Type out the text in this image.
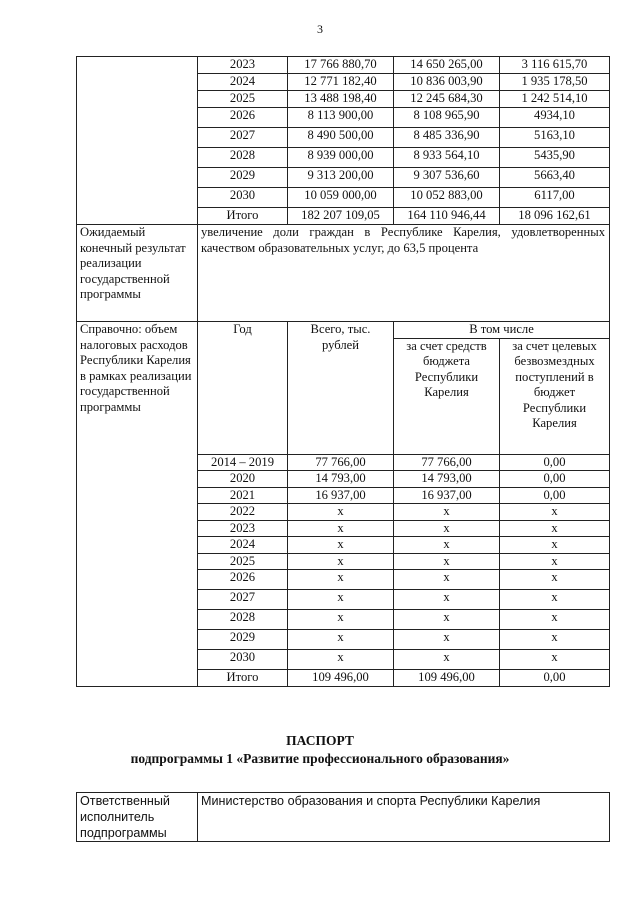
3
	2023	17 766 880,70	14 650 265,00	3 116 615,70
	2024	12 771 182,40	10 836 003,90	1 935 178,50
	2025	13 488 198,40	12 245 684,30	1 242 514,10
	2026	8 113 900,00	8 108 965,90	4934,10
	2027	8 490 500,00	8 485 336,90	5163,10
	2028	8 939 000,00	8 933 564,10	5435,90
	2029	9 313 200,00	9 307 536,60	5663,40
	2030	10 059 000,00	10 052 883,00	6117,00
	Итого	182 207 109,05	164 110 946,44	18 096 162,61
Ожидаемый конечный результат реализации государственной программы	увеличение доли граждан в Республике Карелия, удовлетворенных качеством образовательных услуг, до 63,5 процента			
Справочно: объем налоговых расходов Республики Карелия в рамках реализации государственной программы	Год	Всего, тыс. рублей	В том числе	
			за счет средств бюджета Республики Карелия	за счет целевых безвозмездных поступлений в бюджет Республики Карелия
	2014 – 2019	77 766,00	77 766,00	0,00
	2020	14 793,00	14 793,00	0,00
	2021	16 937,00	16 937,00	0,00
	2022	x	x	x
	2023	x	x	x
	2024	x	x	x
	2025	x	x	x
	2026	x	x	x
	2027	x	x	x
	2028	x	x	x
	2029	x	x	x
	2030	x	x	x
	Итого	109 496,00	109 496,00	0,00
ПАСПОРТ
подпрограммы 1 «Развитие профессионального образования»
Ответственный исполнитель подпрограммы	Министерство образования и спорта Республики Карелия
